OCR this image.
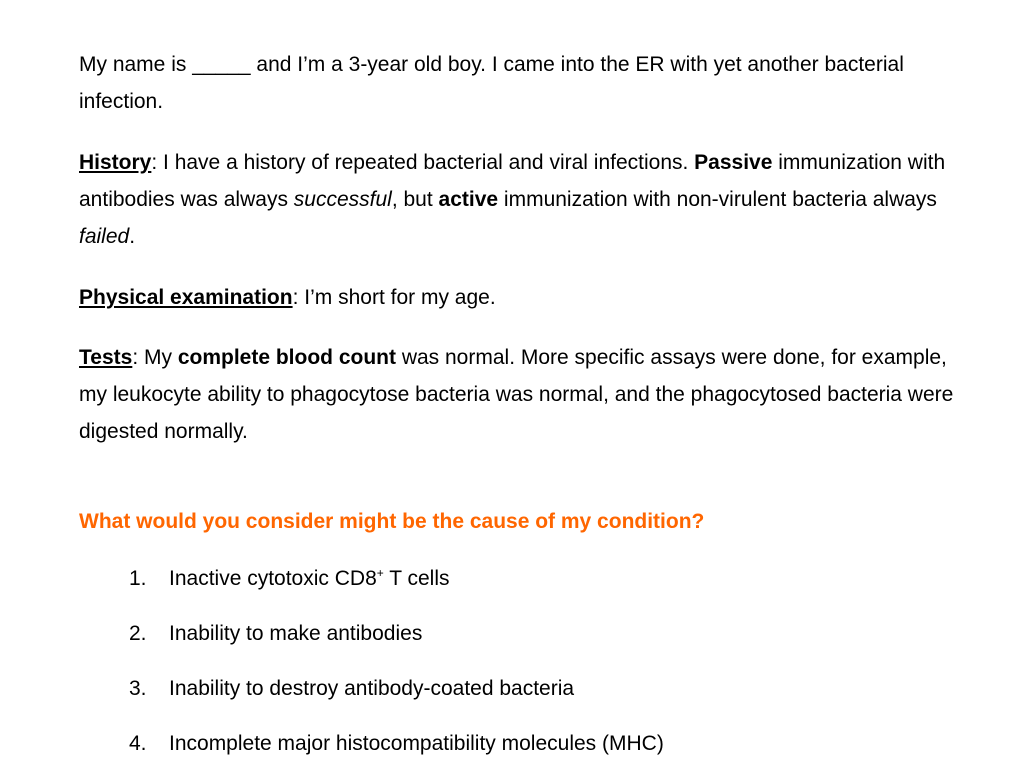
My name is _____ and I’m a 3-year old boy. I came into the ER with yet another bacterial infection.

History: I have a history of repeated bacterial and viral infections. Passive immunization with antibodies was always successful, but active immunization with non-virulent bacteria always failed.

Physical examination: I’m short for my age.

Tests: My complete blood count was normal. More specific assays were done, for example, my leukocyte ability to phagocytose bacteria was normal, and the phagocytosed bacteria were digested normally.

What would you consider might be the cause of my condition?

1.	Inactive cytotoxic CD8+ T cells
2.	Inability to make antibodies
3.	Inability to destroy antibody-coated bacteria
4.	Incomplete major histocompatibility molecules (MHC)
